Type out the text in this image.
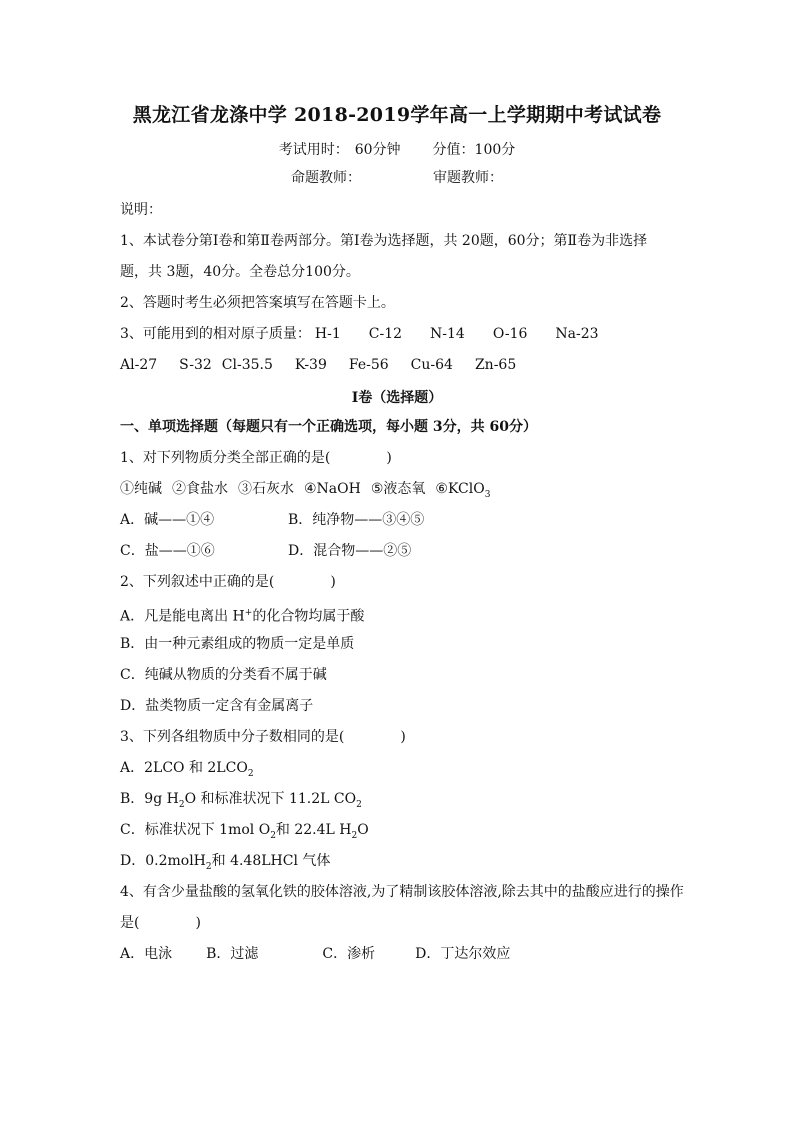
黑龙江省龙涤中学 2018-2019学年高一上学期期中考试试卷
考试用时： 60分钟 分值：100分
命题教师：	审题教师：
说明：
1、本试卷分第Ⅰ卷和第Ⅱ卷两部分。第Ⅰ卷为选择题，共 20题，60分；第Ⅱ卷为非选择
题，共 3题，40分。全卷总分100分。
2、答题时考生必须把答案填写在答题卡上。
3、可能用到的相对原子质量： H-1 C-12 N-14 O-16 Na-23
Al-27 S-32 Cl-35.5 K-39 Fe-56 Cu-64 Zn-65
I卷（选择题）
一、单项选择题（每题只有一个正确选项，每小题 3分，共 60分）
1、对下列物质分类全部正确的是(　　　　)
①纯碱 ②食盐水 ③石灰水 ④NaOH ⑤液态氧 ⑥KClO$_3$
A．碱——①④	B．纯净物——③④⑤
C．盐——①⑥	D．混合物——②⑤
2、下列叙述中正确的是(　　　　)
A．凡是能电离出 H+的化合物均属于酸
B．由一种元素组成的物质一定是单质
C．纯碱从物质的分类看不属于碱
D．盐类物质一定含有金属离子
3、下列各组物质中分子数相同的是(　　　　)
A．2LCO 和 $2LCO_2$
B．9g $H_2O$ 和标准状况下 11.2L $CO_2$
C．标准状况下 1mol $O_2$和 22.4L $H_2O$
D．0.2molH$_2$和 4.48LHCl 气体
4、有含少量盐酸的氢氧化铁的胶体溶液,为了精制该胶体溶液,除去其中的盐酸应进行的操作
是(　　　　)
A．电泳 B．过滤	C．渗析	D．丁达尔效应
